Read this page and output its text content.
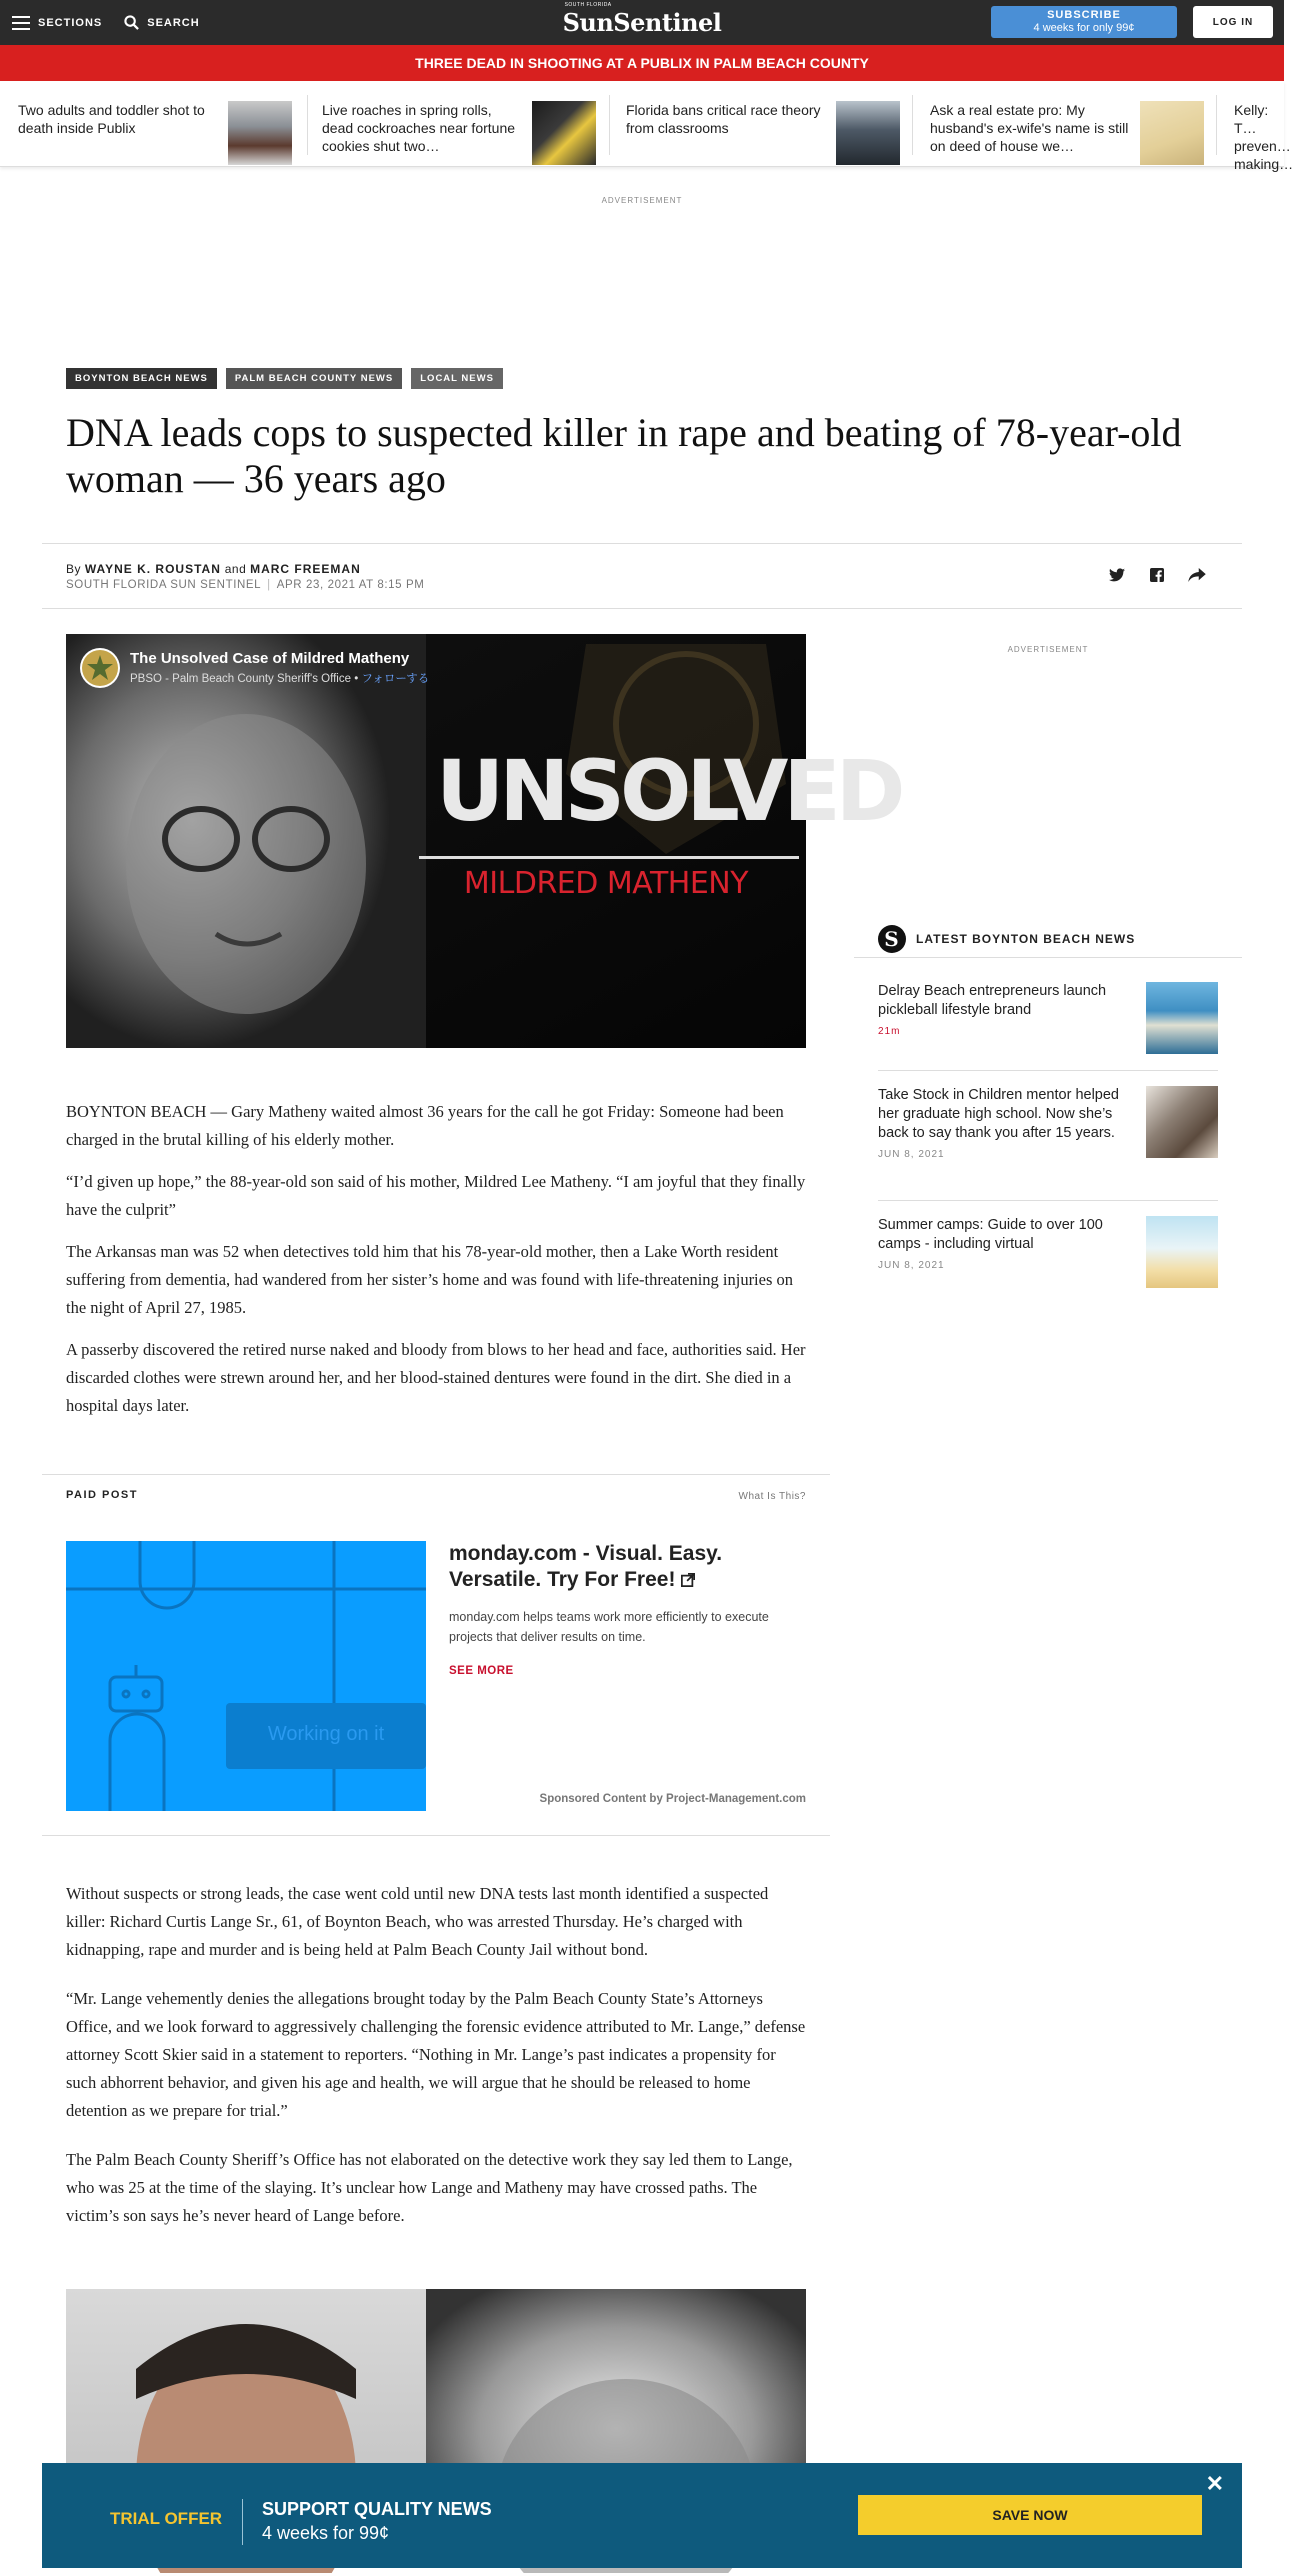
SECTIONS	SEARCH
SOUTH FLORIDA
SunSentinel	SUBSCRIBE
4 weeks for only 99¢	LOG IN
THREE DEAD IN SHOOTING AT A PUBLIX IN PALM BEACH COUNTY
Two adults and toddler shot to death inside Publix
Live roaches in spring rolls, dead cockroaches near fortune cookies shut two…
Florida bans critical race theory from classrooms
Ask a real estate pro: My husband's ex-wife's name is still on deed of house we…
Kelly: T… preven… making…
ADVERTISEMENT
BOYNTON BEACH NEWS	PALM BEACH COUNTY NEWS	LOCAL NEWS
DNA leads cops to suspected killer in rape and beating of 78-year-old woman — 36 years ago
By WAYNE K. ROUSTAN and MARC FREEMAN
SOUTH FLORIDA SUN SENTINEL | APR 23, 2021 AT 8:15 PM
The Unsolved Case of Mildred Matheny
PBSO - Palm Beach County Sheriff's Office • フォローする
UNSOLVED
MILDRED MATHENY

BOYNTON BEACH — Gary Matheny waited almost 36 years for the call he got Friday: Someone had been charged in the brutal killing of his elderly mother.

“I’d given up hope,” the 88-year-old son said of his mother, Mildred Lee Matheny. “I am joyful that they finally have the culprit”

The Arkansas man was 52 when detectives told him that his 78-year-old mother, then a Lake Worth resident suffering from dementia, had wandered from her sister’s home and was found with life-threatening injuries on the night of April 27, 1985.

A passerby discovered the retired nurse naked and bloody from blows to her head and face, authorities said. Her discarded clothes were strewn around her, and her blood-stained dentures were found in the dirt. She died in a hospital days later.

PAID POST	What Is This?
Working on it
monday.com - Visual. Easy. Versatile. Try For Free!
monday.com helps teams work more efficiently to execute projects that deliver results on time.
SEE MORE
Sponsored Content by Project-Management.com

Without suspects or strong leads, the case went cold until new DNA tests last month identified a suspected killer: Richard Curtis Lange Sr., 61, of Boynton Beach, who was arrested Thursday. He’s charged with kidnapping, rape and murder and is being held at Palm Beach County Jail without bond.

“Mr. Lange vehemently denies the allegations brought today by the Palm Beach County State’s Attorneys Office, and we look forward to aggressively challenging the forensic evidence attributed to Mr. Lange,” defense attorney Scott Skier said in a statement to reporters. “Nothing in Mr. Lange’s past indicates a propensity for such abhorrent behavior, and given his age and health, we will argue that he should be released to home detention as we prepare for trial.”

The Palm Beach County Sheriff’s Office has not elaborated on the detective work they say led them to Lange, who was 25 at the time of the slaying. It’s unclear how Lange and Matheny may have crossed paths. The victim’s son says he’s never heard of Lange before.

ADVERTISEMENT
S	LATEST BOYNTON BEACH NEWS
Delray Beach entrepreneurs launch pickleball lifestyle brand
21m
Take Stock in Children mentor helped her graduate high school. Now she’s back to say thank you after 15 years.
JUN 8, 2021
Summer camps: Guide to over 100 camps - including virtual
JUN 8, 2021
TRIAL OFFER SUPPORT QUALITY NEWS
4 weeks for 99¢
SAVE NOW
✕
